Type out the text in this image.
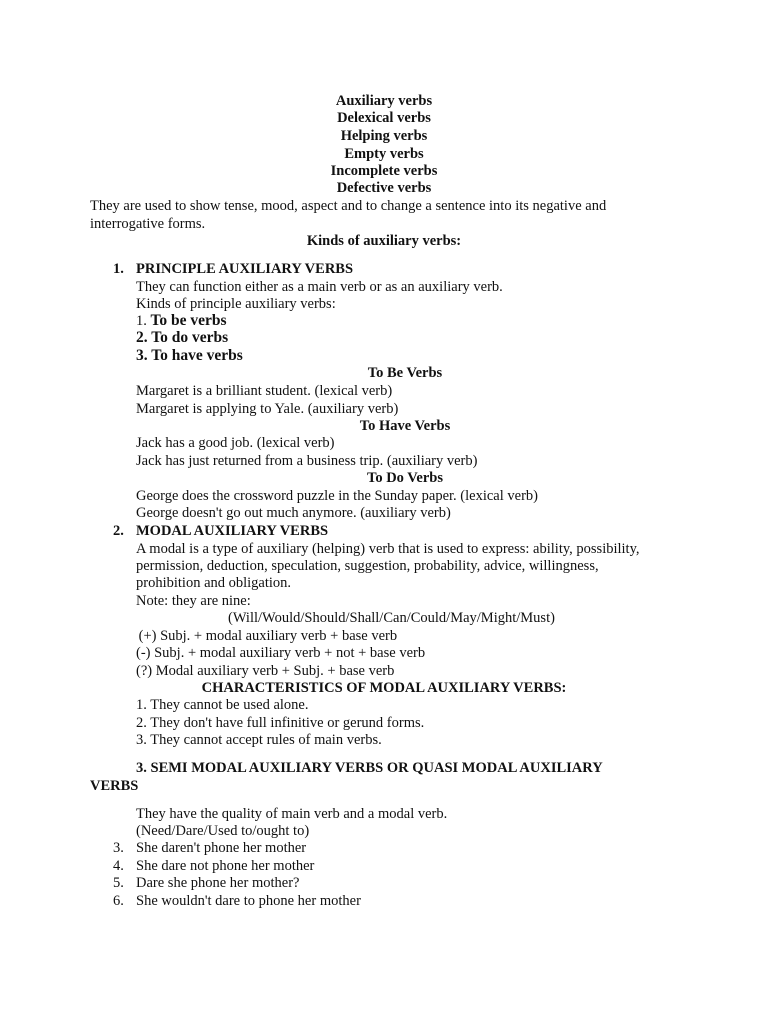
Auxiliary verbs
Delexical verbs
Helping verbs
Empty verbs
Incomplete verbs
Defective verbs
They are used to show tense, mood, aspect and to change a sentence into its negative and
interrogative forms.
Kinds of auxiliary verbs:
1. PRINCIPLE AUXILIARY VERBS
They can function either as a main verb or as an auxiliary verb.
Kinds of principle auxiliary verbs:
1. To be verbs
2. To do verbs
3. To have verbs
To Be Verbs
Margaret is a brilliant student. (lexical verb)
Margaret is applying to Yale. (auxiliary verb)
To Have Verbs
Jack has a good job. (lexical verb)
Jack has just returned from a business trip. (auxiliary verb)
To Do Verbs
George does the crossword puzzle in the Sunday paper. (lexical verb)
George doesn't go out much anymore. (auxiliary verb)
2. MODAL AUXILIARY VERBS
A modal is a type of auxiliary (helping) verb that is used to express: ability, possibility,
permission, deduction, speculation, suggestion, probability, advice, willingness,
prohibition and obligation.
Note: they are nine:
(Will/Would/Should/Shall/Can/Could/May/Might/Must)
(+) Subj. + modal auxiliary verb + base verb
(-) Subj. + modal auxiliary verb + not + base verb
(?) Modal auxiliary verb + Subj. + base verb
CHARACTERISTICS OF MODAL AUXILIARY VERBS:
1. They cannot be used alone.
2. They don't have full infinitive or gerund forms.
3. They cannot accept rules of main verbs.
3. SEMI MODAL AUXILIARY VERBS OR QUASI MODAL AUXILIARY
VERBS
They have the quality of main verb and a modal verb.
(Need/Dare/Used to/ought to)
3. She daren't phone her mother
4. She dare not phone her mother
5. Dare she phone her mother?
6. She wouldn't dare to phone her mother
